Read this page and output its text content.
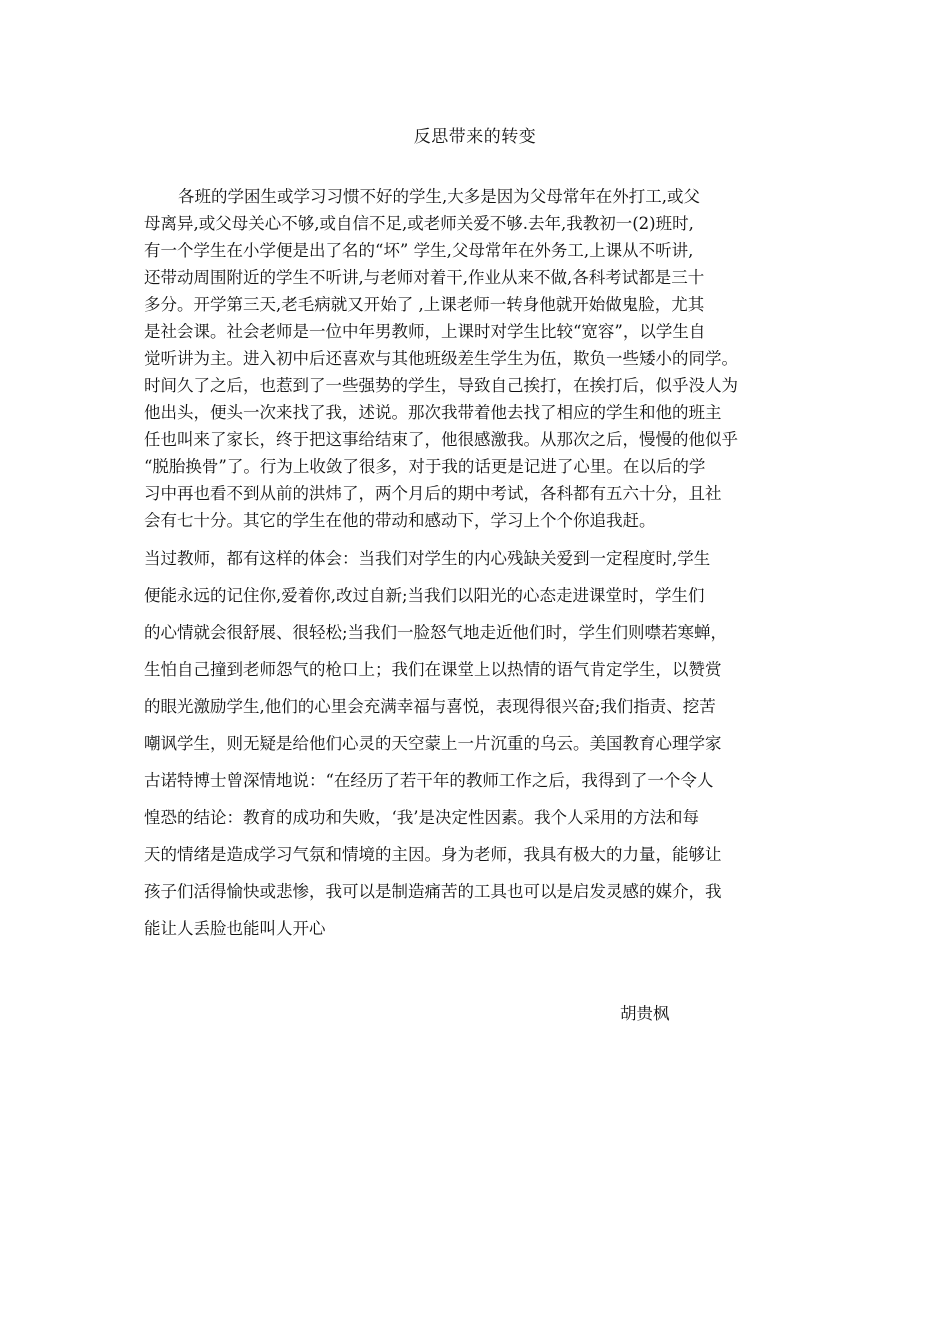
反思带来的转变
各班的学困生或学习习惯不好的学生,大多是因为父母常年在外打工,或父
母离异,或父母关心不够,或自信不足,或老师关爱不够.去年,我教初一(2)班时,
有一个学生在小学便是出了名的“坏” 学生,父母常年在外务工,上课从不听讲,
还带动周围附近的学生不听讲,与老师对着干,作业从来不做,各科考试都是三十
多分。开学第三天,老毛病就又开始了 ,上课老师一转身他就开始做鬼脸，尤其
是社会课。社会老师是一位中年男教师，上课时对学生比较“宽容”，以学生自
觉听讲为主。进入初中后还喜欢与其他班级差生学生为伍，欺负一些矮小的同学。
时间久了之后，也惹到了一些强势的学生，导致自己挨打，在挨打后，似乎没人为
他出头，便头一次来找了我，述说。那次我带着他去找了相应的学生和他的班主
任也叫来了家长，终于把这事给结束了，他很感激我。从那次之后，慢慢的他似乎
“脱胎换骨”了。行为上收敛了很多，对于我的话更是记进了心里。在以后的学
习中再也看不到从前的洪炜了，两个月后的期中考试，各科都有五六十分，且社
会有七十分。其它的学生在他的带动和感动下，学习上个个你追我赶。
当过教师，都有这样的体会：当我们对学生的内心残缺关爱到一定程度时,学生
便能永远的记住你,爱着你,改过自新;当我们以阳光的心态走进课堂时，学生们
的心情就会很舒展、很轻松;当我们一脸怒气地走近他们时，学生们则噤若寒蝉，
生怕自己撞到老师怨气的枪口上；我们在课堂上以热情的语气肯定学生，以赞赏
的眼光激励学生,他们的心里会充满幸福与喜悦，表现得很兴奋;我们指责、挖苦
嘲讽学生，则无疑是给他们心灵的天空蒙上一片沉重的乌云。美国教育心理学家
古诺特博士曾深情地说：“在经历了若干年的教师工作之后，我得到了一个令人
惶恐的结论：教育的成功和失败，‘我’是决定性因素。我个人采用的方法和每
天的情绪是造成学习气氛和情境的主因。身为老师，我具有极大的力量，能够让
孩子们活得愉快或悲惨，我可以是制造痛苦的工具也可以是启发灵感的媒介，我
能让人丢脸也能叫人开心
胡贵枫
